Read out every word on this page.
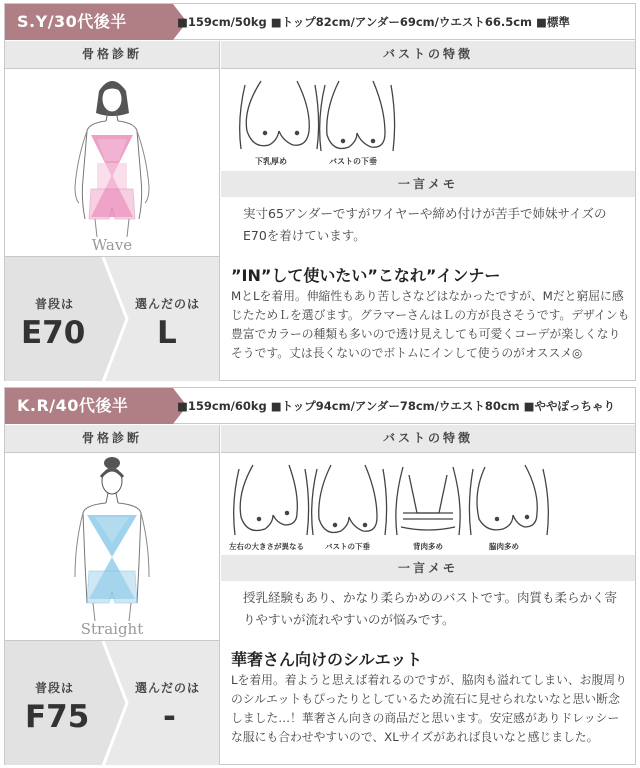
S.Y/30代後半	■159cm/50kg ■トップ82cm/アンダー69cm/ウエスト66.5cm ■標準
骨格診断	バストの特徴
Wave
下乳厚め	バストの下垂
一言メモ
実寸65アンダーですがワイヤーや締め付けが苦手で姉妹サイズのE70を着けています。
普段は
E70
選んだのは
L
”IN”して使いたい”こなれ”インナー
MとLを着用。伸縮性もあり苦しさなどはなかったですが、Mだと窮屈に感じたためＬを選びます。グラマーさんはＬの方が良さそうです。デザインも豊富でカラーの種類も多いので透け見えしても可愛くコーデが楽しくなりそうです。丈は長くないのでボトムにインして使うのがオススメ◎
K.R/40代後半	■159cm/60kg ■トップ94cm/アンダー78cm/ウエスト80cm ■ややぽっちゃり
骨格診断	バストの特徴
Straight
左右の大きさが異なる	バストの下垂	背肉多め	脇肉多め
一言メモ
授乳経験もあり、かなり柔らかめのバストです。肉質も柔らかく寄りやすいが流れやすいのが悩みです。
普段は
F75
選んだのは
-
華奢さん向けのシルエット
Lを着用。着ようと思えば着れるのですが、脇肉も溢れてしまい、お腹周りのシルエットもぴったりとしているため流石に見せられないなと思い断念しました…！華奢さん向きの商品だと思います。安定感がありドレッシーな服にも合わせやすいので、XLサイズがあれば良いなと感じました。
